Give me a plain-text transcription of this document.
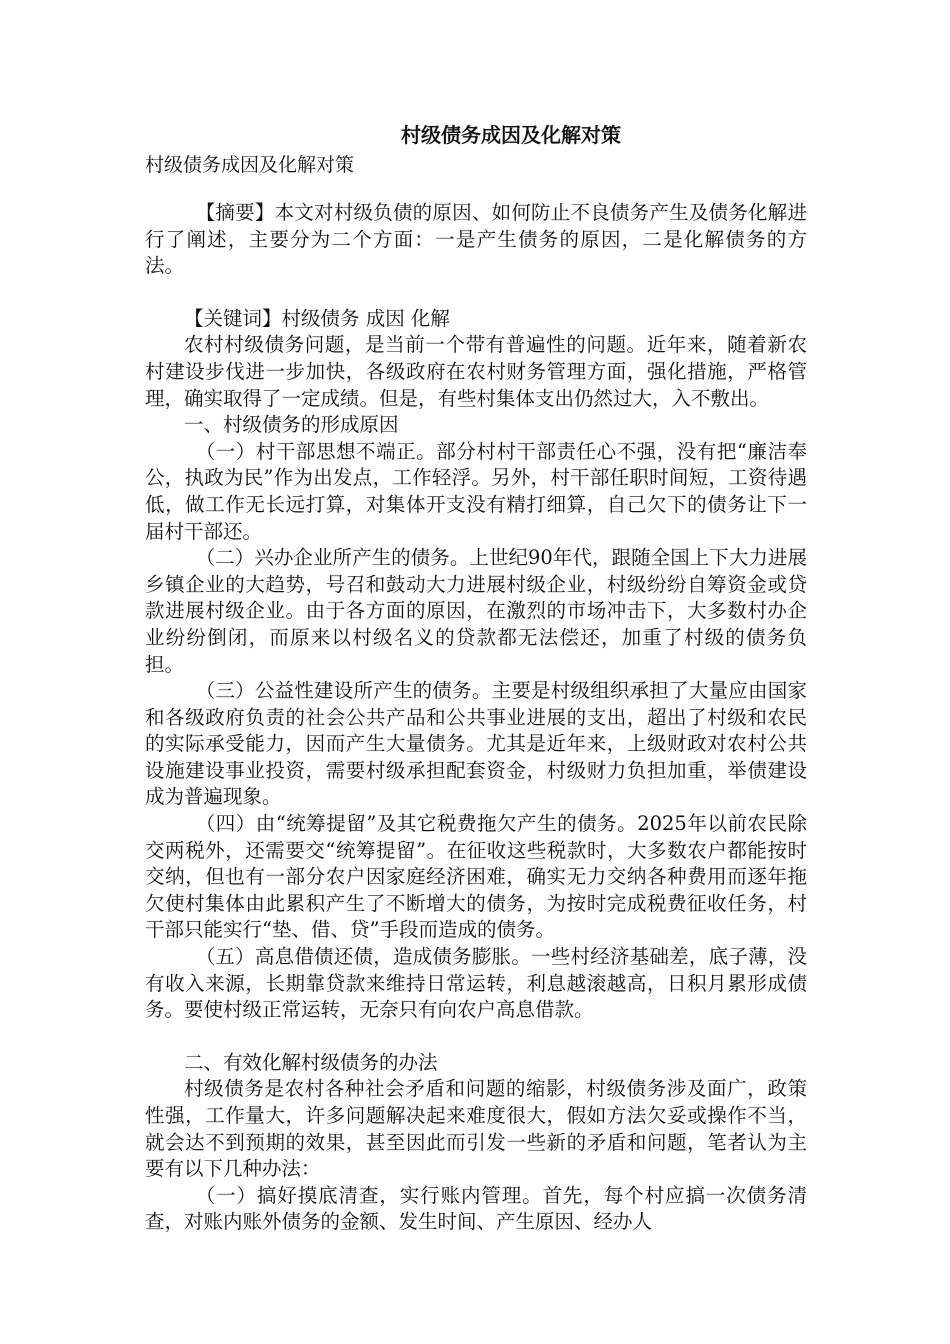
村级债务成因及化解对策

村级债务成因及化解对策

【摘要】本文对村级负债的原因、如何防止不良债务产生及债务化解进行了阐述，主要分为二个方面：一是产生债务的原因，二是化解债务的方法。

【关键词】村级债务 成因 化解

农村村级债务问题，是当前一个带有普遍性的问题。近年来，随着新农村建设步伐进一步加快，各级政府在农村财务管理方面，强化措施，严格管理，确实取得了一定成绩。但是，有些村集体支出仍然过大，入不敷出。

一、村级债务的形成原因

（一）村干部思想不端正。部分村村干部责任心不强，没有把“廉洁奉公，执政为民”作为出发点，工作轻浮。另外，村干部任职时间短，工资待遇低，做工作无长远打算，对集体开支没有精打细算，自己欠下的债务让下一届村干部还。

（二）兴办企业所产生的债务。上世纪90年代，跟随全国上下大力进展乡镇企业的大趋势，号召和鼓动大力进展村级企业，村级纷纷自筹资金或贷款进展村级企业。由于各方面的原因，在激烈的市场冲击下，大多数村办企业纷纷倒闭，而原来以村级名义的贷款都无法偿还，加重了村级的债务负担。

（三）公益性建设所产生的债务。主要是村级组织承担了大量应由国家和各级政府负责的社会公共产品和公共事业进展的支出，超出了村级和农民的实际承受能力，因而产生大量债务。尤其是近年来，上级财政对农村公共设施建设事业投资，需要村级承担配套资金，村级财力负担加重，举债建设成为普遍现象。

（四）由“统筹提留”及其它税费拖欠产生的债务。2025年以前农民除交两税外，还需要交“统筹提留”。在征收这些税款时，大多数农户都能按时交纳，但也有一部分农户因家庭经济困难，确实无力交纳各种费用而逐年拖欠使村集体由此累积产生了不断增大的债务，为按时完成税费征收任务，村干部只能实行“垫、借、贷”手段而造成的债务。

（五）高息借债还债，造成债务膨胀。一些村经济基础差，底子薄，没有收入来源，长期靠贷款来维持日常运转，利息越滚越高，日积月累形成债务。要使村级正常运转，无奈只有向农户高息借款。

二、有效化解村级债务的办法

村级债务是农村各种社会矛盾和问题的缩影，村级债务涉及面广，政策性强，工作量大，许多问题解决起来难度很大，假如方法欠妥或操作不当，就会达不到预期的效果，甚至因此而引发一些新的矛盾和问题，笔者认为主要有以下几种办法：

（一）搞好摸底清查，实行账内管理。首先，每个村应搞一次债务清查，对账内账外债务的金额、发生时间、产生原因、经办人
